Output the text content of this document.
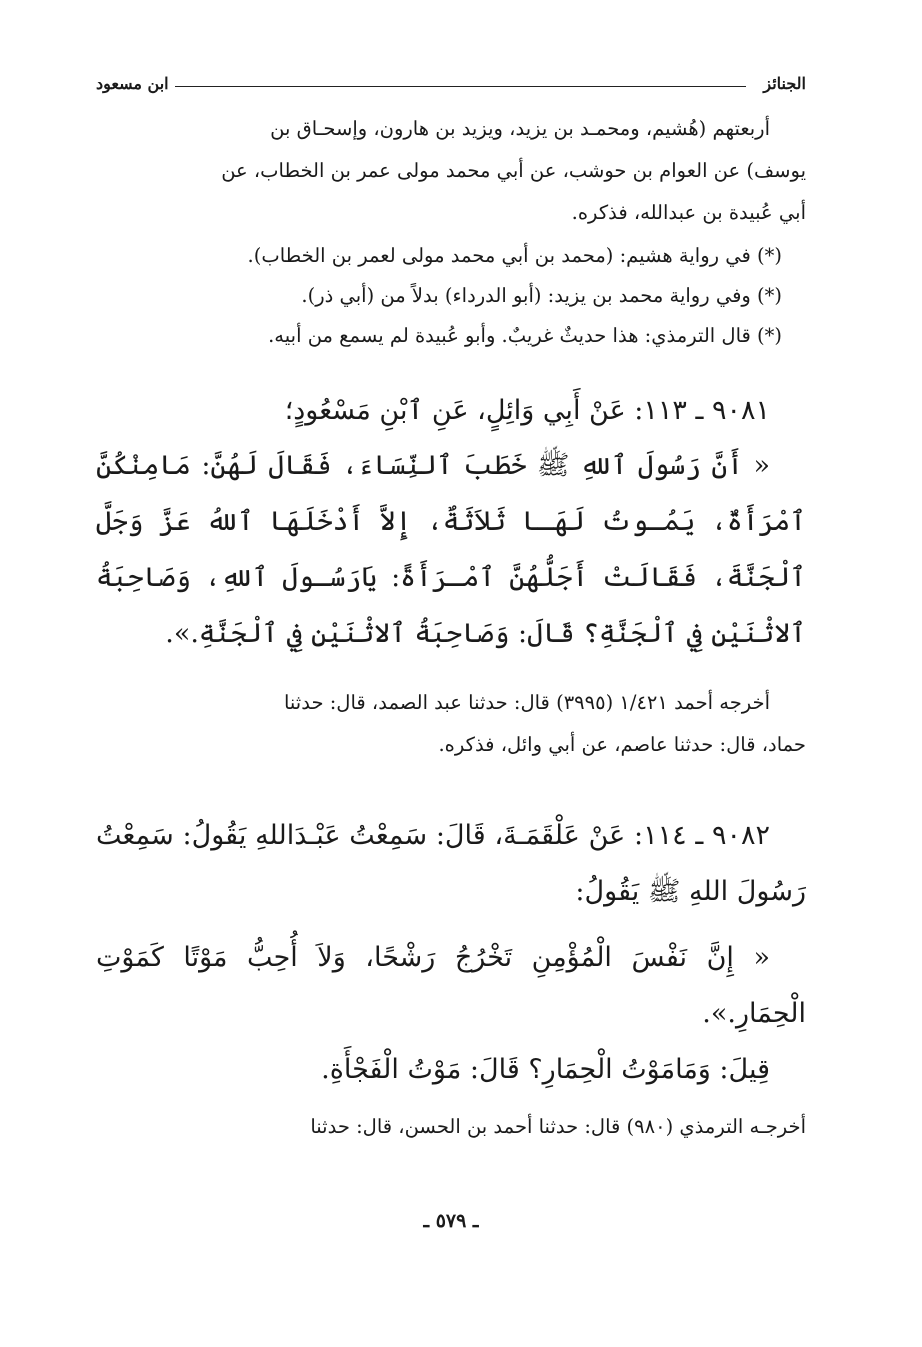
الجنائز
ابن مسعود

أربعتهم (هُشيم، ومحمـد بن يزيد، ويزيد بن هارون، وإسحـاق بن

يوسف) عن العوام بن حوشب، عن أبي محمد مولى عمر بن الخطاب، عن

أبي عُبيدة بن عبدالله، فذكره.

(*) في رواية هشيم: (محمد بن أبي محمد مولى لعمر بن الخطاب).

(*) وفي رواية محمد بن يزيد: (أبو الدرداء) بدلاً من (أبي ذر).

(*) قال الترمذي: هذا حديثٌ غريبٌ. وأبو عُبيدة لم يسمع من أبيه.

٩٠٨١ ـ ١١٣: عَنْ أَبِي وَائِلٍ، عَنِ ٱبْنِ مَسْعُودٍ؛

« أَنَّ رَسُولَ ٱللهِ ﷺ خَطَبَ ٱلنِّسَاءَ، فَقَالَ لَهُنَّ: مَامِنْكُنَّ ٱمْرَأَةٌ، يَمُـوتُ لَهَـا ثَلاَثَةٌ، إِلاَّ أَدْخَلَهَا ٱللهُ عَزَّ وَجَلَّ ٱلْجَنَّةَ، فَقَالَتْ أَجَلُّهُنَّ ٱمْـرَأَةً: يَارَسُـولَ ٱللهِ، وَصَاحِبَةُ ٱلاثْنَيْنِ فِي ٱلْجَنَّةِ؟ قَالَ: وَصَاحِبَةُ ٱلاثْنَيْنِ فِي ٱلْجَنَّةِ.».

أخرجه أحمد ١/٤٢١ (٣٩٩٥) قال: حدثنا عبد الصمد، قال: حدثنا

حماد، قال: حدثنا عاصم، عن أبي وائل، فذكره.

٩٠٨٢ ـ ١١٤: عَنْ عَلْقَمَـةَ، قَالَ: سَمِعْتُ عَبْـدَاللهِ يَقُولُ: سَمِعْتُ رَسُولَ اللهِ ﷺ يَقُولُ:

« إِنَّ نَفْسَ الْمُؤْمِنِ تَخْرُجُ رَشْحًا، وَلاَ أُحِبُّ مَوْتًا كَمَوْتِ الْحِمَارِ.».

قِيلَ: وَمَامَوْتُ الْحِمَارِ؟ قَالَ: مَوْتُ الْفَجْأَةِ.

أخرجـه الترمذي (٩٨٠) قال: حدثنا أحمد بن الحسن، قال: حدثنا

ـ ٥٧٩ ـ
